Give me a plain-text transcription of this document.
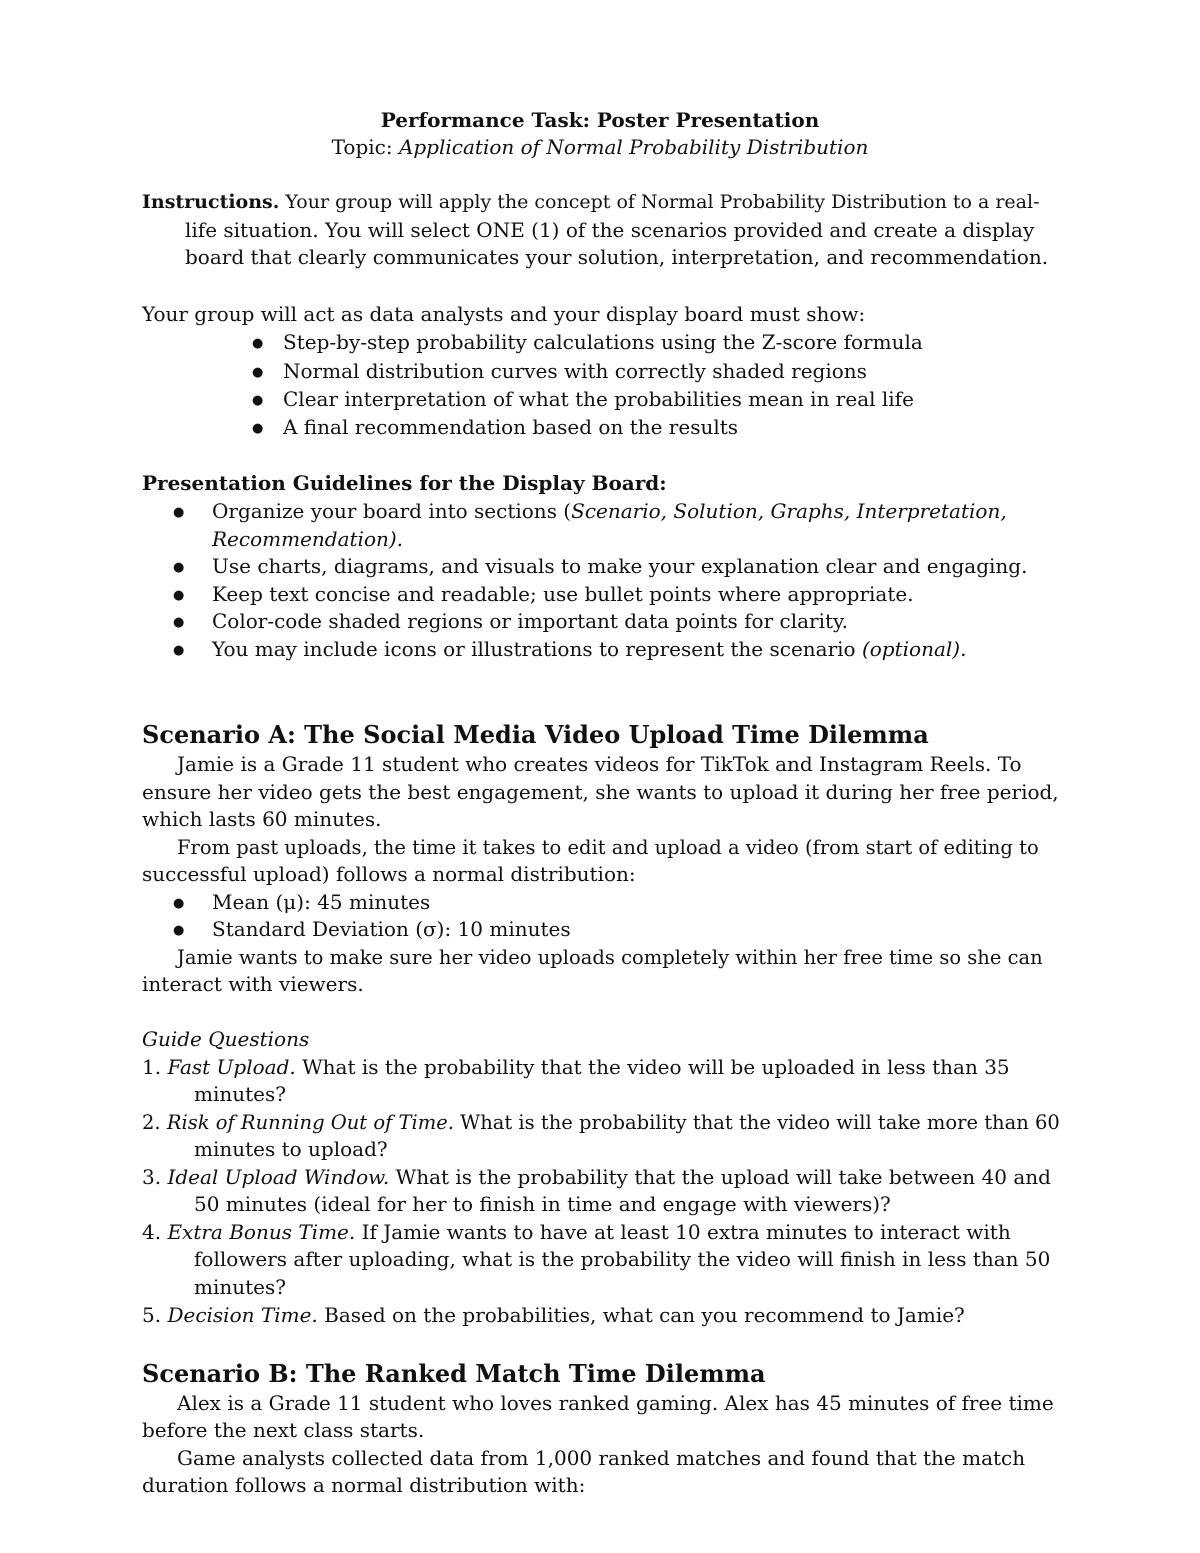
Performance Task: Poster Presentation
Topic: Application of Normal Probability Distribution
Instructions. Your group will apply the concept of Normal Probability Distribution to a real-
life situation. You will select ONE (1) of the scenarios provided and create a display
board that clearly communicates your solution, interpretation, and recommendation.
Your group will act as data analysts and your display board must show:
●
Step-by-step probability calculations using the Z-score formula
●
Normal distribution curves with correctly shaded regions
●
Clear interpretation of what the probabilities mean in real life
●
A final recommendation based on the results
Presentation Guidelines for the Display Board:
●
Organize your board into sections (Scenario, Solution, Graphs, Interpretation,
Recommendation).
●
Use charts, diagrams, and visuals to make your explanation clear and engaging.
●
Keep text concise and readable; use bullet points where appropriate.
●
Color-code shaded regions or important data points for clarity.
●
You may include icons or illustrations to represent the scenario (optional).
Scenario A: The Social Media Video Upload Time Dilemma
Jamie is a Grade 11 student who creates videos for TikTok and Instagram Reels. To
ensure her video gets the best engagement, she wants to upload it during her free period,
which lasts 60 minutes.
From past uploads, the time it takes to edit and upload a video (from start of editing to
successful upload) follows a normal distribution:
●
Mean (μ): 45 minutes
●
Standard Deviation (σ): 10 minutes
Jamie wants to make sure her video uploads completely within her free time so she can
interact with viewers.
Guide Questions
1. Fast Upload. What is the probability that the video will be uploaded in less than 35
minutes?
2. Risk of Running Out of Time. What is the probability that the video will take more than 60
minutes to upload?
3. Ideal Upload Window. What is the probability that the upload will take between 40 and
50 minutes (ideal for her to finish in time and engage with viewers)?
4. Extra Bonus Time. If Jamie wants to have at least 10 extra minutes to interact with
followers after uploading, what is the probability the video will finish in less than 50
minutes?
5. Decision Time. Based on the probabilities, what can you recommend to Jamie?
Scenario B: The Ranked Match Time Dilemma
Alex is a Grade 11 student who loves ranked gaming. Alex has 45 minutes of free time
before the next class starts.
Game analysts collected data from 1,000 ranked matches and found that the match
duration follows a normal distribution with:
